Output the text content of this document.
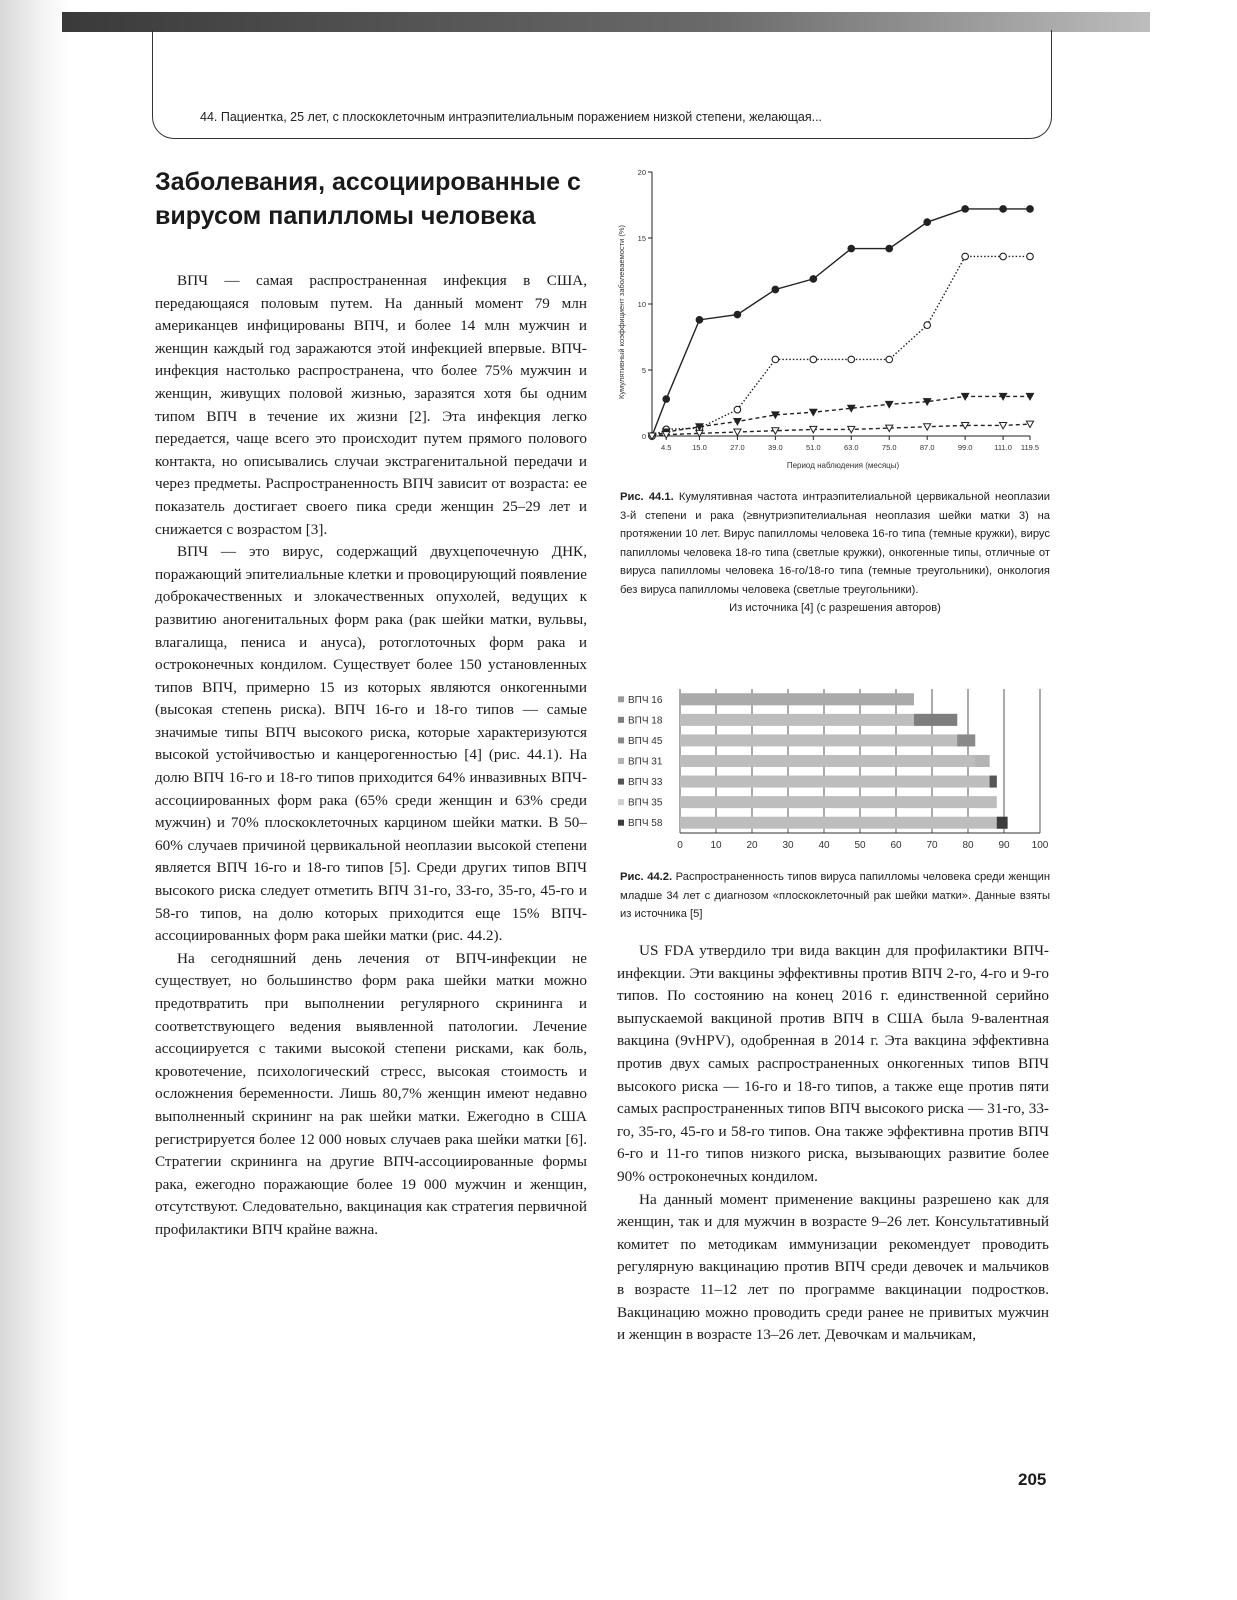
44. Пациентка, 25 лет, с плоскоклеточным интраэпителиальным поражением низкой степени, желающая...
Заболевания, ассоциированные с вирусом папилломы человека

ВПЧ — самая распространенная инфекция в США, передающаяся половым путем. На данный момент 79 млн американцев инфицированы ВПЧ, и более 14 млн мужчин и женщин каждый год заражаются этой инфекцией впервые. ВПЧ-инфекция настолько распространена, что более 75% мужчин и женщин, живущих половой жизнью, заразятся хотя бы одним типом ВПЧ в течение их жизни [2]. Эта инфекция легко передается, чаще всего это происходит путем прямого полового контакта, но описывались случаи экстрагенитальной передачи и через предметы. Распространенность ВПЧ зависит от возраста: ее показатель достигает своего пика среди женщин 25–29 лет и снижается с возрастом [3].

ВПЧ — это вирус, содержащий двухцепочечную ДНК, поражающий эпителиальные клетки и провоцирующий появление доброкачественных и злокачественных опухолей, ведущих к развитию аногенитальных форм рака (рак шейки матки, вульвы, влагалища, пениса и ануса), ротоглоточных форм рака и остроконечных кондилом. Существует более 150 установленных типов ВПЧ, примерно 15 из которых являются онкогенными (высокая степень риска). ВПЧ 16-го и 18-го типов — самые значимые типы ВПЧ высокого риска, которые характеризуются высокой устойчивостью и канцерогенностью [4] (рис. 44.1). На долю ВПЧ 16-го и 18-го типов приходится 64% инвазивных ВПЧ-ассоциированных форм рака (65% среди женщин и 63% среди мужчин) и 70% плоскоклеточных карцином шейки матки. В 50–60% случаев причиной цервикальной неоплазии высокой степени является ВПЧ 16-го и 18-го типов [5]. Среди других типов ВПЧ высокого риска следует отметить ВПЧ 31-го, 33-го, 35-го, 45-го и 58-го типов, на долю которых приходится еще 15% ВПЧ-ассоциированных форм рака шейки матки (рис. 44.2).

На сегодняшний день лечения от ВПЧ-инфекции не существует, но большинство форм рака шейки матки можно предотвратить при выполнении регулярного скрининга и соответствующего ведения выявленной патологии. Лечение ассоциируется с такими высокой степени рисками, как боль, кровотечение, психологический стресс, высокая стоимость и осложнения беременности. Лишь 80,7% женщин имеют недавно выполненный скрининг на рак шейки матки. Ежегодно в США регистрируется более 12 000 новых случаев рака шейки матки [6]. Стратегии скрининга на другие ВПЧ-ассоциированные формы рака, ежегодно поражающие более 19 000 мужчин и женщин, отсутствуют. Следовательно, вакцинация как стратегия первичной профилактики ВПЧ крайне важна.

0
5
10
15
20
4.5	15.0	27.0	39.0	51.0	63.0	75.0	87.0	99.0	111.0 119.5
Кумулятивный коэффициент заболеваемости (%)
Период наблюдения (месяцы)
Рис. 44.1. Кумулятивная частота интраэпителиальной цервикальной неоплазии 3-й степени и рака (≥внутриэпителиальная неоплазия шейки матки 3) на протяжении 10 лет. Вирус папилломы человека 16-го типа (темные кружки), вирус папилломы человека 18-го типа (светлые кружки), онкогенные типы, отличные от вируса папилломы человека 16-го/18-го типа (темные треугольники), онкология без вируса папилломы человека (светлые треугольники).
Из источника [4] (с разрешения авторов)
0	10 20 30 40 50 60 70 80 90 100
ВПЧ 16
ВПЧ 18
ВПЧ 45
ВПЧ 31
ВПЧ 33
ВПЧ 35
ВПЧ 58
Рис. 44.2. Распространенность типов вируса папилломы человека среди женщин младше 34 лет с диагнозом «плоскоклеточный рак шейки матки». Данные взяты из источника [5]

US FDA утвердило три вида вакцин для профилактики ВПЧ-инфекции. Эти вакцины эффективны против ВПЧ 2-го, 4-го и 9-го типов. По состоянию на конец 2016 г. единственной серийно выпускаемой вакциной против ВПЧ в США была 9-валентная вакцина (9vHPV), одобренная в 2014 г. Эта вакцина эффективна против двух самых распространенных онкогенных типов ВПЧ высокого риска — 16-го и 18-го типов, а также еще против пяти самых распространенных типов ВПЧ высокого риска — 31-го, 33-го, 35-го, 45-го и 58-го типов. Она также эффективна против ВПЧ 6-го и 11-го типов низкого риска, вызывающих развитие более 90% остроконечных кондилом.

На данный момент применение вакцины разрешено как для женщин, так и для мужчин в возрасте 9–26 лет. Консультативный комитет по методикам иммунизации рекомендует проводить регулярную вакцинацию против ВПЧ среди девочек и мальчиков в возрасте 11–12 лет по программе вакцинации подростков. Вакцинацию можно проводить среди ранее не привитых мужчин и женщин в возрасте 13–26 лет. Девочкам и мальчикам,

205
